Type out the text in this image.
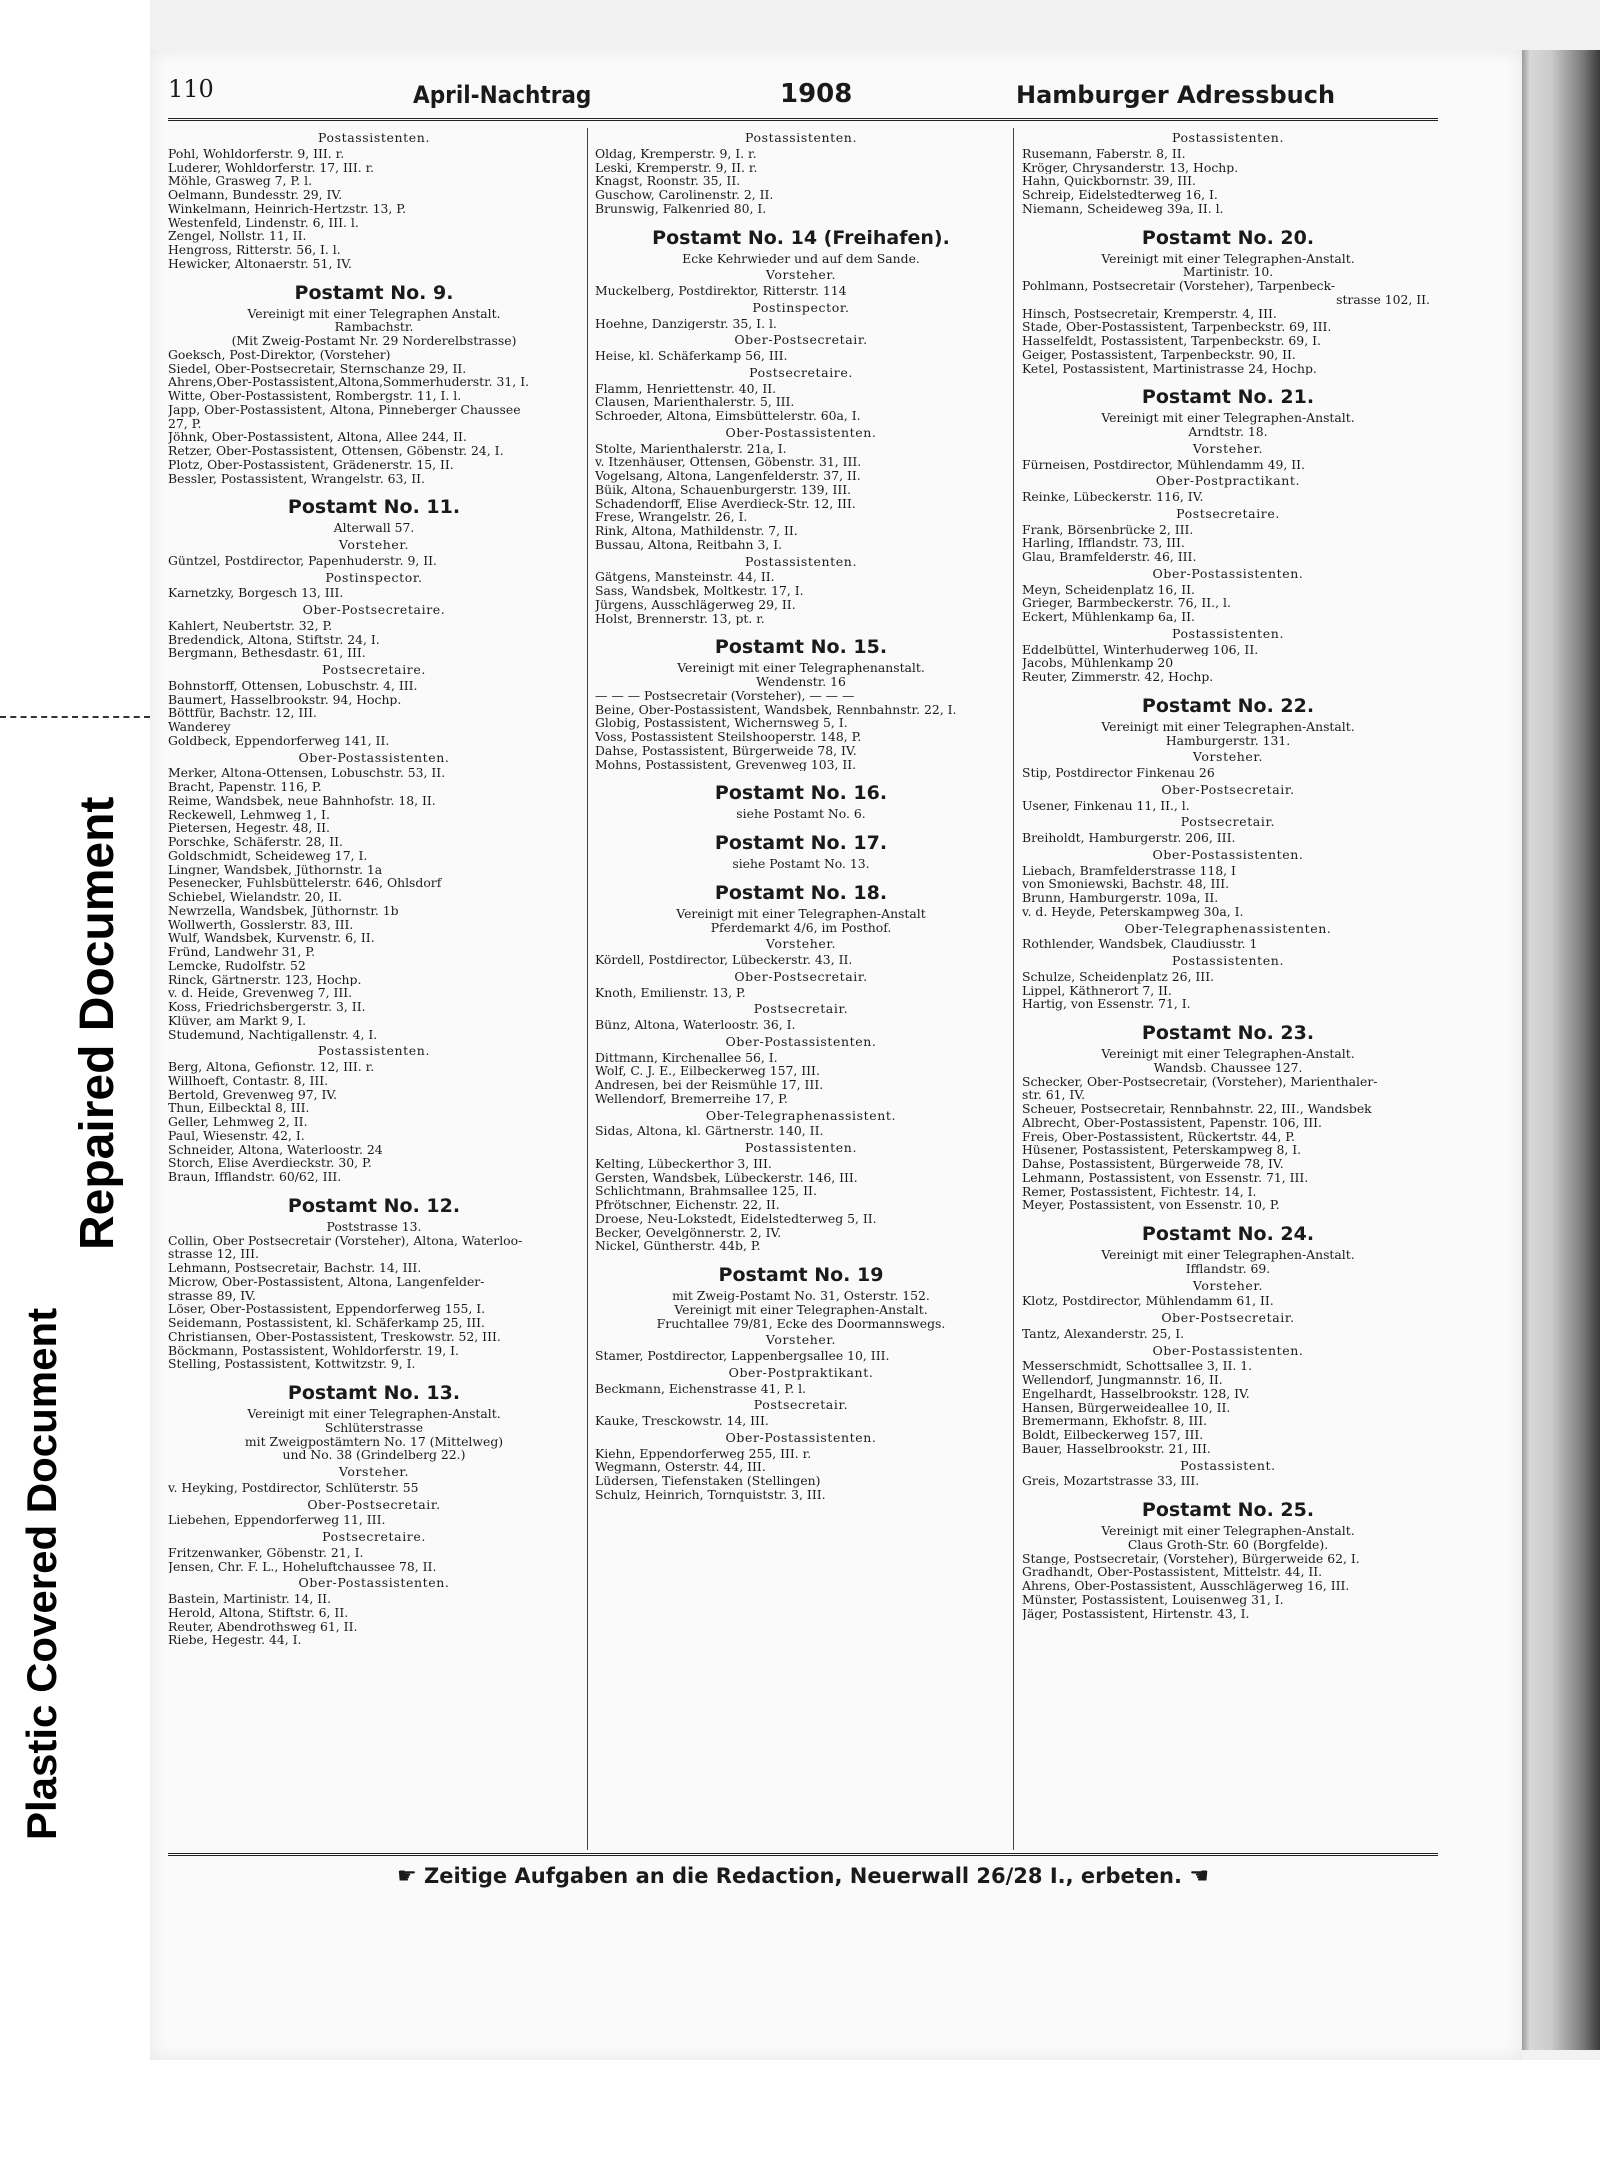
Plastic Covered Document
Repaired Document
110	April-Nachtrag	1908	Hamburger Adressbuch
Postassistenten.
Pohl, Wohldorferstr. 9, III. r.
Luderer, Wohldorferstr. 17, III. r.
Möhle, Grasweg 7, P. l.
Oelmann, Bundesstr. 29, IV.
Winkelmann, Heinrich-Hertzstr. 13, P.
Westenfeld, Lindenstr. 6, III. l.
Zengel, Nollstr. 11, II.
Hengross, Ritterstr. 56, I. l.
Hewicker, Altonaerstr. 51, IV.
Postamt No. 9.
Vereinigt mit einer Telegraphen Anstalt.
Rambachstr.
(Mit Zweig-Postamt Nr. 29 Norderelbstrasse)
Goeksch, Post-Direktor, (Vorsteher)
Siedel, Ober-Postsecretair, Sternschanze 29, II.
Ahrens,Ober-Postassistent,Altona,Sommerhuderstr. 31, I.
Witte, Ober-Postassistent, Rombergstr. 11, I. l.
Japp, Ober-Postassistent, Altona, Pinneberger Chaussee
27, P.
Jöhnk, Ober-Postassistent, Altona, Allee 244, II.
Retzer, Ober-Postassistent, Ottensen, Göbenstr. 24, I.
Plotz, Ober-Postassistent, Grädenerstr. 15, II.
Bessler, Postassistent, Wrangelstr. 63, II.
Postamt No. 11.
Alterwall 57.
Vorsteher.
Güntzel, Postdirector, Papenhuderstr. 9, II.
Postinspector.
Karnetzky, Borgesch 13, III.
Ober-Postsecretaire.
Kahlert, Neubertstr. 32, P.
Bredendick, Altona, Stiftstr. 24, I.
Bergmann, Bethesdastr. 61, III.
Postsecretaire.
Bohnstorff, Ottensen, Lobuschstr. 4, III.
Baumert, Hasselbrookstr. 94, Hochp.
Böttfür, Bachstr. 12, III.
Wanderey
Goldbeck, Eppendorferweg 141, II.
Ober-Postassistenten.
Merker, Altona-Ottensen, Lobuschstr. 53, II.
Bracht, Papenstr. 116, P.
Reime, Wandsbek, neue Bahnhofstr. 18, II.
Reckewell, Lehmweg 1, I.
Pietersen, Hegestr. 48, II.
Porschke, Schäferstr. 28, II.
Goldschmidt, Scheideweg 17, I.
Lingner, Wandsbek, Jüthornstr. 1a
Pesenecker, Fuhlsbüttelerstr. 646, Ohlsdorf
Schiebel, Wielandstr. 20, II.
Newrzella, Wandsbek, Jüthornstr. 1b
Wollwerth, Gosslerstr. 83, III.
Wulf, Wandsbek, Kurvenstr. 6, II.
Fründ, Landwehr 31, P.
Lemcke, Rudolfstr. 52
Rinck, Gärtnerstr. 123, Hochp.
v. d. Heide, Grevenweg 7, III.
Koss, Friedrichsbergerstr. 3, II.
Klüver, am Markt 9, I.
Studemund, Nachtigallenstr. 4, I.
Postassistenten.
Berg, Altona, Gefionstr. 12, III. r.
Willhoeft, Contastr. 8, III.
Bertold, Grevenweg 97, IV.
Thun, Eilbecktal 8, III.
Geller, Lehmweg 2, II.
Paul, Wiesenstr. 42, I.
Schneider, Altona, Waterloostr. 24
Storch, Elise Averdieckstr. 30, P.
Braun, Ifflandstr. 60/62, III.
Postamt No. 12.
Poststrasse 13.
Collin, Ober Postsecretair (Vorsteher), Altona, Waterloo-
strasse 12, III.
Lehmann, Postsecretair, Bachstr. 14, III.
Microw, Ober-Postassistent, Altona, Langenfelder-
strasse 89, IV.
Löser, Ober-Postassistent, Eppendorferweg 155, I.
Seidemann, Postassistent, kl. Schäferkamp 25, III.
Christiansen, Ober-Postassistent, Treskowstr. 52, III.
Böckmann, Postassistent, Wohldorferstr. 19, I.
Stelling, Postassistent, Kottwitzstr. 9, I.
Postamt No. 13.
Vereinigt mit einer Telegraphen-Anstalt.
Schlüterstrasse
mit Zweigpostämtern No. 17 (Mittelweg)
und No. 38 (Grindelberg 22.)
Vorsteher.
v. Heyking, Postdirector, Schlüterstr. 55
Ober-Postsecretair.
Liebehen, Eppendorferweg 11, III.
Postsecretaire.
Fritzenwanker, Göbenstr. 21, I.
Jensen, Chr. F. L., Hoheluftchaussee 78, II.
Ober-Postassistenten.
Bastein, Martinistr. 14, II.
Herold, Altona, Stiftstr. 6, II.
Reuter, Abendrothsweg 61, II.
Riebe, Hegestr. 44, I.
Postassistenten.
Oldag, Kremperstr. 9, I. r.
Leski, Kremperstr. 9, II. r.
Knagst, Roonstr. 35, II.
Guschow, Carolinenstr. 2, II.
Brunswig, Falkenried 80, I.
Postamt No. 14 (Freihafen).
Ecke Kehrwieder und auf dem Sande.
Vorsteher.
Muckelberg, Postdirektor, Ritterstr. 114
Postinspector.
Hoehne, Danzigerstr. 35, I. l.
Ober-Postsecretair.
Heise, kl. Schäferkamp 56, III.
Postsecretaire.
Flamm, Henriettenstr. 40, II.
Clausen, Marienthalerstr. 5, III.
Schroeder, Altona, Eimsbüttelerstr. 60a, I.
Ober-Postassistenten.
Stolte, Marienthalerstr. 21a, I.
v. Itzenhäuser, Ottensen, Göbenstr. 31, III.
Vogelsang, Altona, Langenfelderstr. 37, II.
Büik, Altona, Schauenburgerstr. 139, III.
Schadendorff, Elise Averdieck-Str. 12, III.
Frese, Wrangelstr. 26, I.
Rink, Altona, Mathildenstr. 7, II.
Bussau, Altona, Reitbahn 3, I.
Postassistenten.
Gätgens, Mansteinstr. 44, II.
Sass, Wandsbek, Moltkestr. 17, I.
Jürgens, Ausschlägerweg 29, II.
Holst, Brennerstr. 13, pt. r.
Postamt No. 15.
Vereinigt mit einer Telegraphenanstalt.
Wendenstr. 16
— — — Postsecretair (Vorsteher), — — —
Beine, Ober-Postassistent, Wandsbek, Rennbahnstr. 22, I.
Globig, Postassistent, Wichernsweg 5, I.
Voss, Postassistent Steilshooperstr. 148, P.
Dahse, Postassistent, Bürgerweide 78, IV.
Mohns, Postassistent, Grevenweg 103, II.
Postamt No. 16.
siehe Postamt No. 6.
Postamt No. 17.
siehe Postamt No. 13.
Postamt No. 18.
Vereinigt mit einer Telegraphen-Anstalt
Pferdemarkt 4/6, im Posthof.
Vorsteher.
Kördell, Postdirector, Lübeckerstr. 43, II.
Ober-Postsecretair.
Knoth, Emilienstr. 13, P.
Postsecretair.
Bünz, Altona, Waterloostr. 36, I.
Ober-Postassistenten.
Dittmann, Kirchenallee 56, I.
Wolf, C. J. E., Eilbeckerweg 157, III.
Andresen, bei der Reismühle 17, III.
Wellendorf, Bremerreihe 17, P.
Ober-Telegraphenassistent.
Sidas, Altona, kl. Gärtnerstr. 140, II.
Postassistenten.
Kelting, Lübeckerthor 3, III.
Gersten, Wandsbek, Lübeckerstr. 146, III.
Schlichtmann, Brahmsallee 125, II.
Pfrötschner, Eichenstr. 22, II.
Droese, Neu-Lokstedt, Eidelstedterweg 5, II.
Becker, Oevelgönnerstr. 2, IV.
Nickel, Güntherstr. 44b, P.
Postamt No. 19
mit Zweig-Postamt No. 31, Osterstr. 152.
Vereinigt mit einer Telegraphen-Anstalt.
Fruchtallee 79/81, Ecke des Doormannswegs.
Vorsteher.
Stamer, Postdirector, Lappenbergsallee 10, III.
Ober-Postpraktikant.
Beckmann, Eichenstrasse 41, P. l.
Postsecretair.
Kauke, Tresckowstr. 14, III.
Ober-Postassistenten.
Kiehn, Eppendorferweg 255, III. r.
Wegmann, Osterstr. 44, III.
Lüdersen, Tiefenstaken (Stellingen)
Schulz, Heinrich, Tornquiststr. 3, III.
Postassistenten.
Rusemann, Faberstr. 8, II.
Kröger, Chrysanderstr. 13, Hochp.
Hahn, Quickbornstr. 39, III.
Schreip, Eidelstedterweg 16, I.
Niemann, Scheideweg 39a, II. l.
Postamt No. 20.
Vereinigt mit einer Telegraphen-Anstalt.
Martinistr. 10.
Pohlmann, Postsecretair (Vorsteher), Tarpenbeck-
strasse 102, II.
Hinsch, Postsecretair, Kremperstr. 4, III.
Stade, Ober-Postassistent, Tarpenbeckstr. 69, III.
Hasselfeldt, Postassistent, Tarpenbeckstr. 69, I.
Geiger, Postassistent, Tarpenbeckstr. 90, II.
Ketel, Postassistent, Martinistrasse 24, Hochp.
Postamt No. 21.
Vereinigt mit einer Telegraphen-Anstalt.
Arndtstr. 18.
Vorsteher.
Fürneisen, Postdirector, Mühlendamm 49, II.
Ober-Postpractikant.
Reinke, Lübeckerstr. 116, IV.
Postsecretaire.
Frank, Börsenbrücke 2, III.
Harling, Ifflandstr. 73, III.
Glau, Bramfelderstr. 46, III.
Ober-Postassistenten.
Meyn, Scheidenplatz 16, II.
Grieger, Barmbeckerstr. 76, II., l.
Eckert, Mühlenkamp 6a, II.
Postassistenten.
Eddelbüttel, Winterhuderweg 106, II.
Jacobs, Mühlenkamp 20
Reuter, Zimmerstr. 42, Hochp.
Postamt No. 22.
Vereinigt mit einer Telegraphen-Anstalt.
Hamburgerstr. 131.
Vorsteher.
Stip, Postdirector Finkenau 26
Ober-Postsecretair.
Usener, Finkenau 11, II., l.
Postsecretair.
Breiholdt, Hamburgerstr. 206, III.
Ober-Postassistenten.
Liebach, Bramfelderstrasse 118, I
von Smoniewski, Bachstr. 48, III.
Brunn, Hamburgerstr. 109a, II.
v. d. Heyde, Peterskampweg 30a, I.
Ober-Telegraphenassistenten.
Rothlender, Wandsbek, Claudiusstr. 1
Postassistenten.
Schulze, Scheidenplatz 26, III.
Lippel, Käthnerort 7, II.
Hartig, von Essenstr. 71, I.
Postamt No. 23.
Vereinigt mit einer Telegraphen-Anstalt.
Wandsb. Chaussee 127.
Schecker, Ober-Postsecretair, (Vorsteher), Marienthaler-
str. 61, IV.
Scheuer, Postsecretair, Rennbahnstr. 22, III., Wandsbek
Albrecht, Ober-Postassistent, Papenstr. 106, III.
Freis, Ober-Postassistent, Rückertstr. 44, P.
Hüsener, Postassistent, Peterskampweg 8, I.
Dahse, Postassistent, Bürgerweide 78, IV.
Lehmann, Postassistent, von Essenstr. 71, III.
Remer, Postassistent, Fichtestr. 14, I.
Meyer, Postassistent, von Essenstr. 10, P.
Postamt No. 24.
Vereinigt mit einer Telegraphen-Anstalt.
Ifflandstr. 69.
Vorsteher.
Klotz, Postdirector, Mühlendamm 61, II.
Ober-Postsecretair.
Tantz, Alexanderstr. 25, I.
Ober-Postassistenten.
Messerschmidt, Schottsallee 3, II. 1.
Wellendorf, Jungmannstr. 16, II.
Engelhardt, Hasselbrookstr. 128, IV.
Hansen, Bürgerweideallee 10, II.
Bremermann, Ekhofstr. 8, III.
Boldt, Eilbeckerweg 157, III.
Bauer, Hasselbrookstr. 21, III.
Postassistent.
Greis, Mozartstrasse 33, III.
Postamt No. 25.
Vereinigt mit einer Telegraphen-Anstalt.
Claus Groth-Str. 60 (Borgfelde).
Stange, Postsecretair, (Vorsteher), Bürgerweide 62, I.
Gradhandt, Ober-Postassistent, Mittelstr. 44, II.
Ahrens, Ober-Postassistent, Ausschlägerweg 16, III.
Münster, Postassistent, Louisenweg 31, I.
Jäger, Postassistent, Hirtenstr. 43, I.
☛ Zeitige Aufgaben an die Redaction, Neuerwall 26/28 I., erbeten. ☚
